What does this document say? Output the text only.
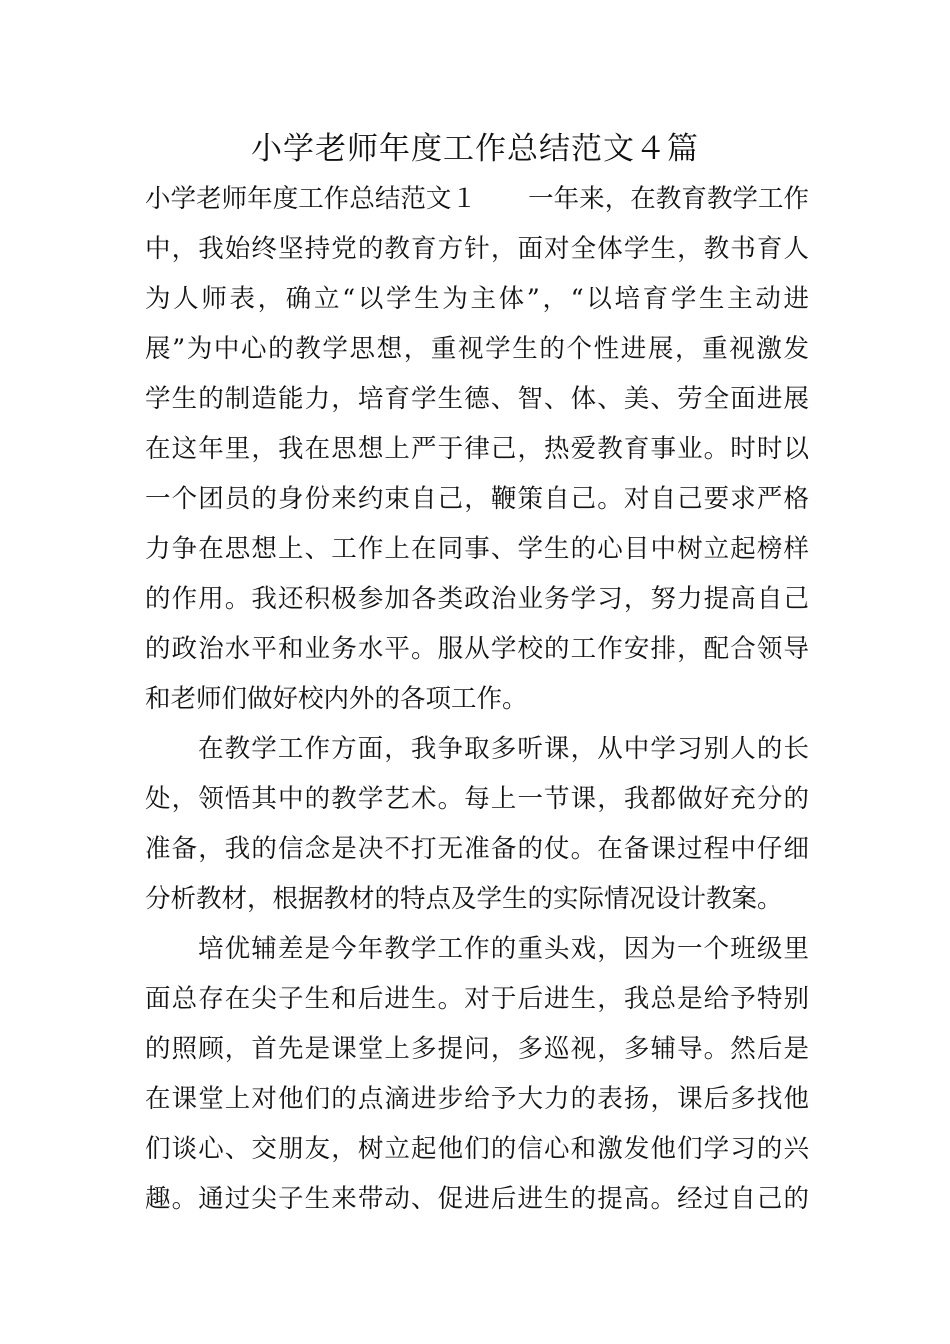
小学老师年度工作总结范文４篇
小学老师年度工作总结范文１　　一年来，在教育教学工作
中，我始终坚持党的教育方针，面对全体学生，教书育人
为人师表，确立“以学生为主体”，“以培育学生主动进
展”为中心的教学思想，重视学生的个性进展，重视激发
学生的制造能力，培育学生德、智、体、美、劳全面进展
在这年里，我在思想上严于律己，热爱教育事业。时时以
一个团员的身份来约束自己，鞭策自己。对自己要求严格
力争在思想上、工作上在同事、学生的心目中树立起榜样
的作用。我还积极参加各类政治业务学习，努力提高自己
的政治水平和业务水平。服从学校的工作安排，配合领导
和老师们做好校内外的各项工作。
在教学工作方面，我争取多听课，从中学习别人的长
处，领悟其中的教学艺术。每上一节课，我都做好充分的
准备，我的信念是决不打无准备的仗。在备课过程中仔细
分析教材，根据教材的特点及学生的实际情况设计教案。
培优辅差是今年教学工作的重头戏，因为一个班级里
面总存在尖子生和后进生。对于后进生，我总是给予特别
的照顾，首先是课堂上多提问，多巡视，多辅导。然后是
在课堂上对他们的点滴进步给予大力的表扬，课后多找他
们谈心、交朋友，树立起他们的信心和激发他们学习的兴
趣。通过尖子生来带动、促进后进生的提高。经过自己的
